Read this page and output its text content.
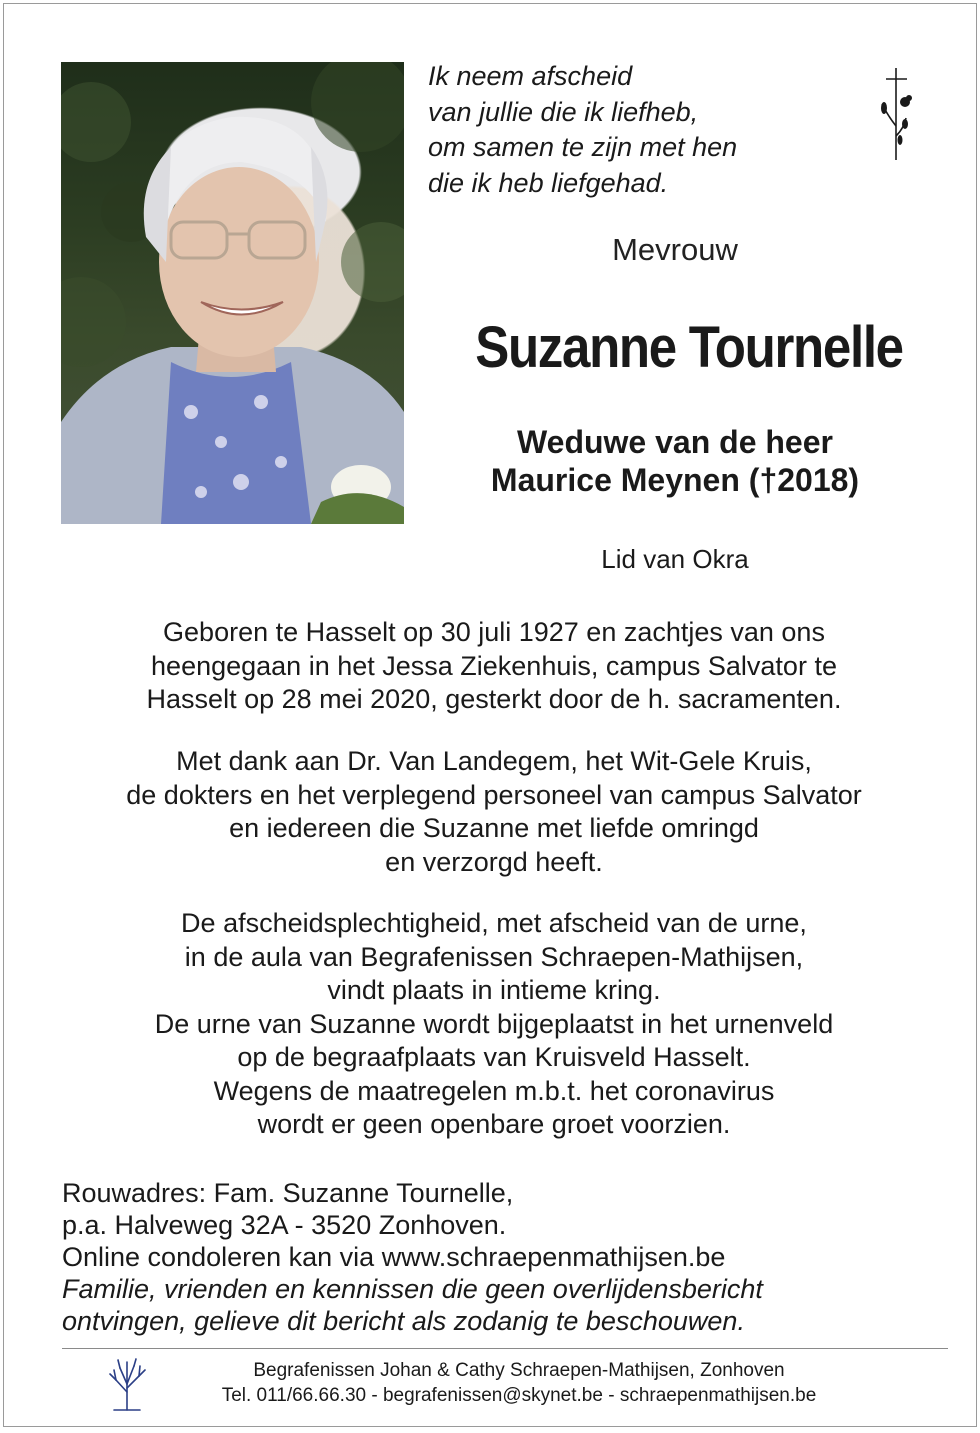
Ik neem afscheid
van jullie die ik liefheb,
om samen te zijn met hen
die ik heb liefgehad.
Mevrouw
Suzanne Tournelle
Weduwe van de heer
Maurice Meynen (†2018)
Lid van Okra
Geboren te Hasselt op 30 juli 1927 en zachtjes van ons
heengegaan in het Jessa Ziekenhuis, campus Salvator te
Hasselt op 28 mei 2020, gesterkt door de h. sacramenten.
Met dank aan Dr. Van Landegem, het Wit-Gele Kruis,
de dokters en het verplegend personeel van campus Salvator
en iedereen die Suzanne met liefde omringd
en verzorgd heeft.
De afscheidsplechtigheid, met afscheid van de urne,
in de aula van Begrafenissen Schraepen-Mathijsen,
vindt plaats in intieme kring.
De urne van Suzanne wordt bijgeplaatst in het urnenveld
op de begraafplaats van Kruisveld Hasselt.
Wegens de maatregelen m.b.t. het coronavirus
wordt er geen openbare groet voorzien.
Rouwadres: Fam. Suzanne Tournelle,
p.a. Halveweg 32A - 3520 Zonhoven.
Online condoleren kan via www.schraepenmathijsen.be
Familie, vrienden en kennissen die geen overlijdensbericht
ontvingen, gelieve dit bericht als zodanig te beschouwen.
Begrafenissen Johan & Cathy Schraepen-Mathijsen, Zonhoven
Tel. 011/66.66.30 - begrafenissen@skynet.be - schraepenmathijsen.be
